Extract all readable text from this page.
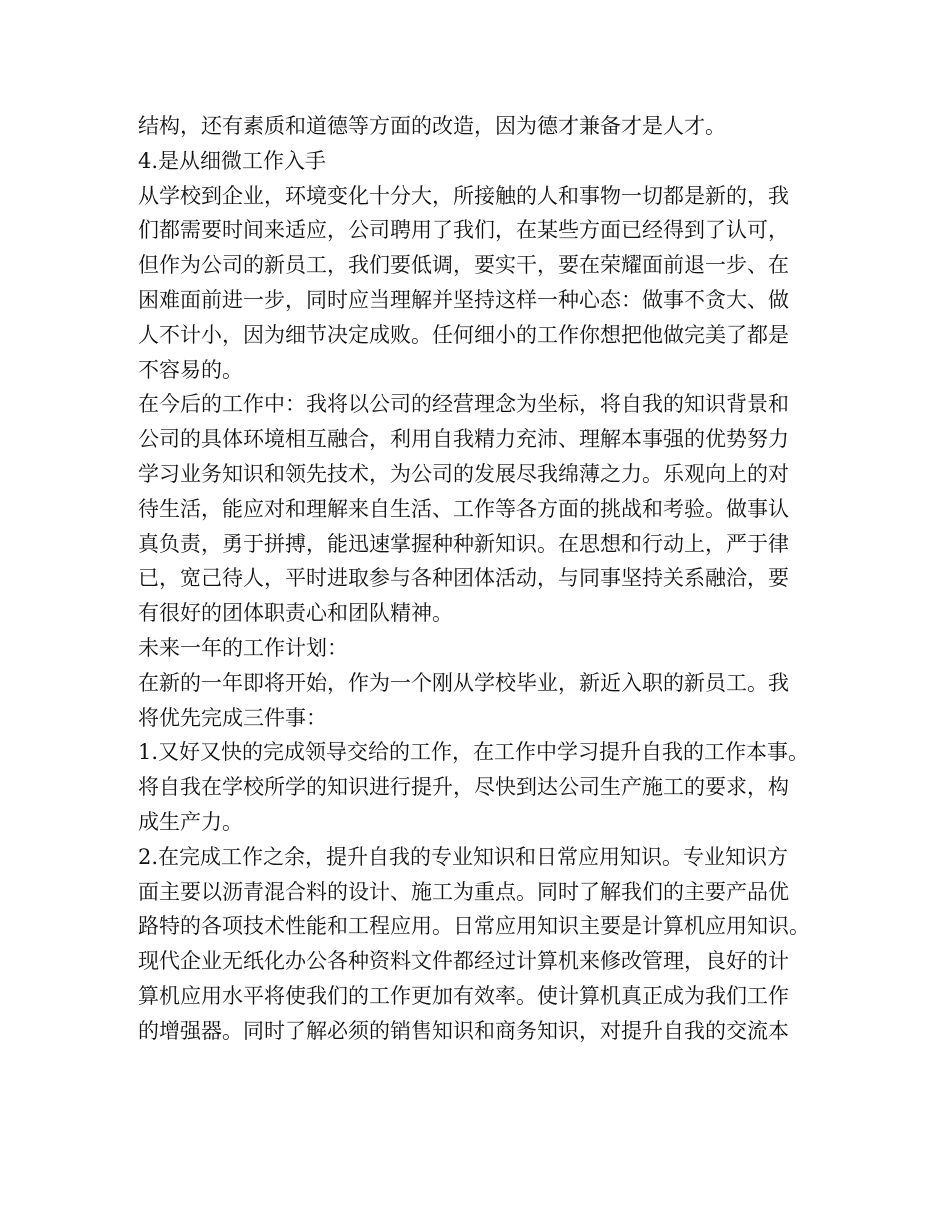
结构，还有素质和道德等方面的改造，因为德才兼备才是人才。
4.是从细微工作入手
从学校到企业，环境变化十分大，所接触的人和事物一切都是新的，我
们都需要时间来适应，公司聘用了我们，在某些方面已经得到了认可，
但作为公司的新员工，我们要低调，要实干，要在荣耀面前退一步、在
困难面前进一步，同时应当理解并坚持这样一种心态：做事不贪大、做
人不计小，因为细节决定成败。任何细小的工作你想把他做完美了都是
不容易的。
在今后的工作中：我将以公司的经营理念为坐标，将自我的知识背景和
公司的具体环境相互融合，利用自我精力充沛、理解本事强的优势努力
学习业务知识和领先技术，为公司的发展尽我绵薄之力。乐观向上的对
待生活，能应对和理解来自生活、工作等各方面的挑战和考验。做事认
真负责，勇于拼搏，能迅速掌握种种新知识。在思想和行动上，严于律
已，宽己待人，平时进取参与各种团体活动，与同事坚持关系融洽，要
有很好的团体职责心和团队精神。
未来一年的工作计划：
在新的一年即将开始，作为一个刚从学校毕业，新近入职的新员工。我
将优先完成三件事：
1.又好又快的完成领导交给的工作，在工作中学习提升自我的工作本事。
将自我在学校所学的知识进行提升，尽快到达公司生产施工的要求，构
成生产力。
2.在完成工作之余，提升自我的专业知识和日常应用知识。专业知识方
面主要以沥青混合料的设计、施工为重点。同时了解我们的主要产品优
路特的各项技术性能和工程应用。日常应用知识主要是计算机应用知识。
现代企业无纸化办公各种资料文件都经过计算机来修改管理，良好的计
算机应用水平将使我们的工作更加有效率。使计算机真正成为我们工作
的增强器。同时了解必须的销售知识和商务知识，对提升自我的交流本
